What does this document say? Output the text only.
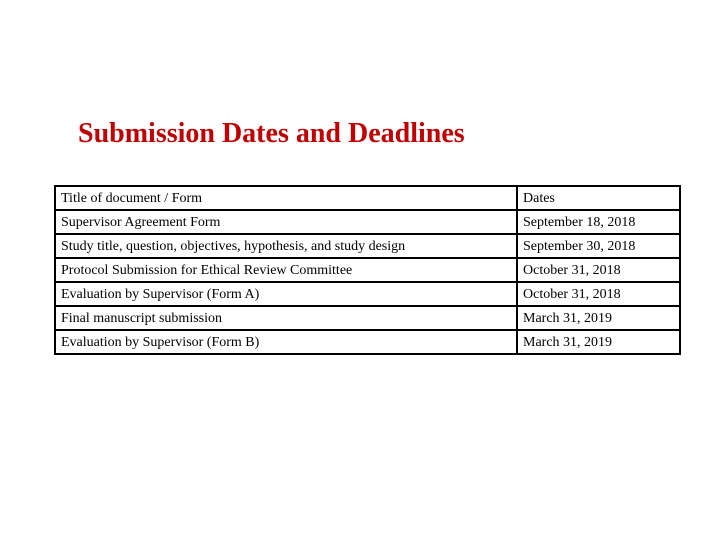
Submission Dates and Deadlines
Title of document / Form	Dates
Supervisor Agreement Form	September 18, 2018
Study title, question, objectives, hypothesis, and study design	September 30, 2018
Protocol Submission for Ethical Review Committee	October 31, 2018
Evaluation by Supervisor (Form A)	October 31, 2018
Final manuscript submission	March 31, 2019
Evaluation by Supervisor (Form B)	March 31, 2019
